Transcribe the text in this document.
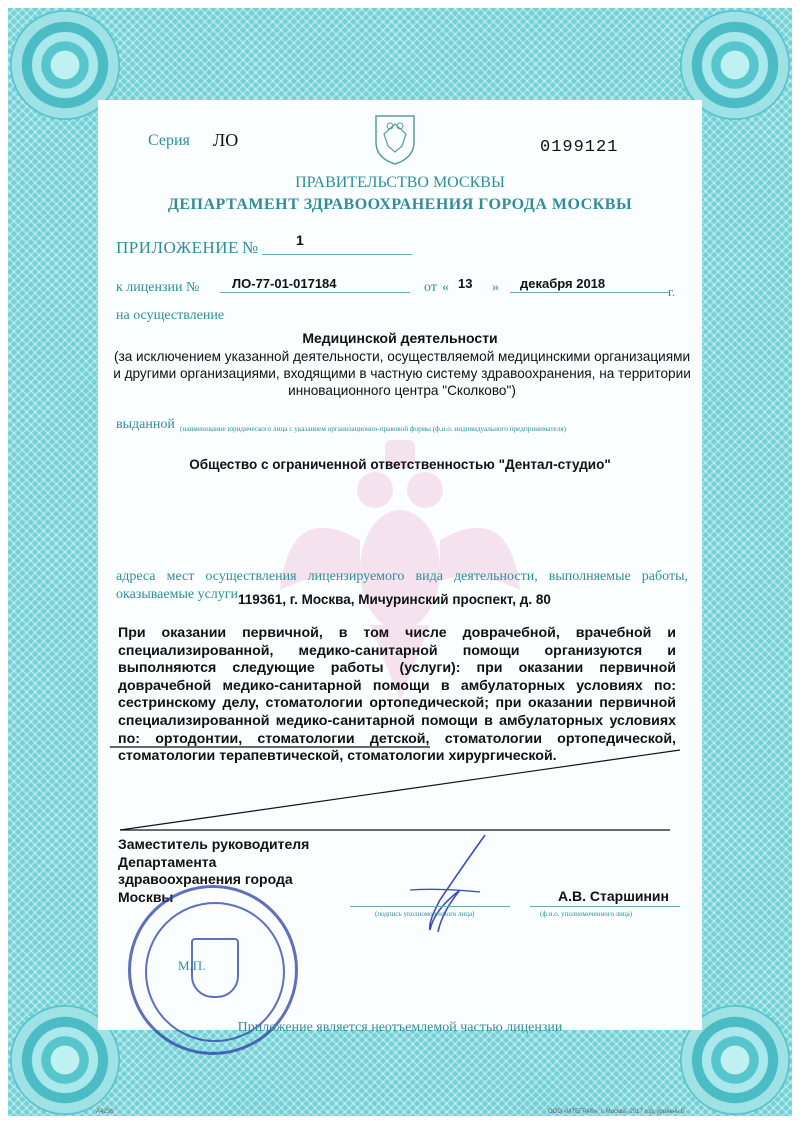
Серия ЛО	0199121
ПРАВИТЕЛЬСТВО МОСКВЫ
ДЕПАРТАМЕНТ ЗДРАВООХРАНЕНИЯ ГОРОДА МОСКВЫ
ПРИЛОЖЕНИЕ №	1
к лицензии №	ЛО-77-01-017184	от « 13 » декабря 2018
г.
на осуществление
Медицинской деятельности
(за исключением указанной деятельности, осуществляемой медицинскими организациями и другими организациями, входящими в частную систему здравоохранения, на территории инновационного центра "Сколково")
выданной (наименование юридического лица с указанием организационно-правовой формы (ф.и.о. индивидуального предпринимателя)
Общество с ограниченной ответственностью "Дентал-студио"
адреса мест осуществления лицензируемого вида деятельности, выполняемые работы, оказываемые услуги 119361, г. Москва, Мичуринский проспект, д. 80
При оказании первичной, в том числе доврачебной, врачебной и специализированной, медико-санитарной помощи организуются и выполняются следующие работы (услуги): при оказании первичной доврачебной медико-санитарной помощи в амбулаторных условиях по: сестринскому делу, стоматологии ортопедической; при оказании первичной специализированной медико-санитарной помощи в амбулаторных условиях по: ортодонтии, стоматологии детской, стоматологии ортопедической, стоматологии терапевтической, стоматологии хирургической.
Заместитель руководителя
Департамента
здравоохранения города
Москвы	А.В. Старшинин
(подпись уполномоченного лица)	(ф.и.о. уполномоченного лица)
М.П.
Приложение является неотъемлемой частью лицензии
А4236	ООО «ИТЕГРАФ», г. Москва, 2017 год, уровень Б
